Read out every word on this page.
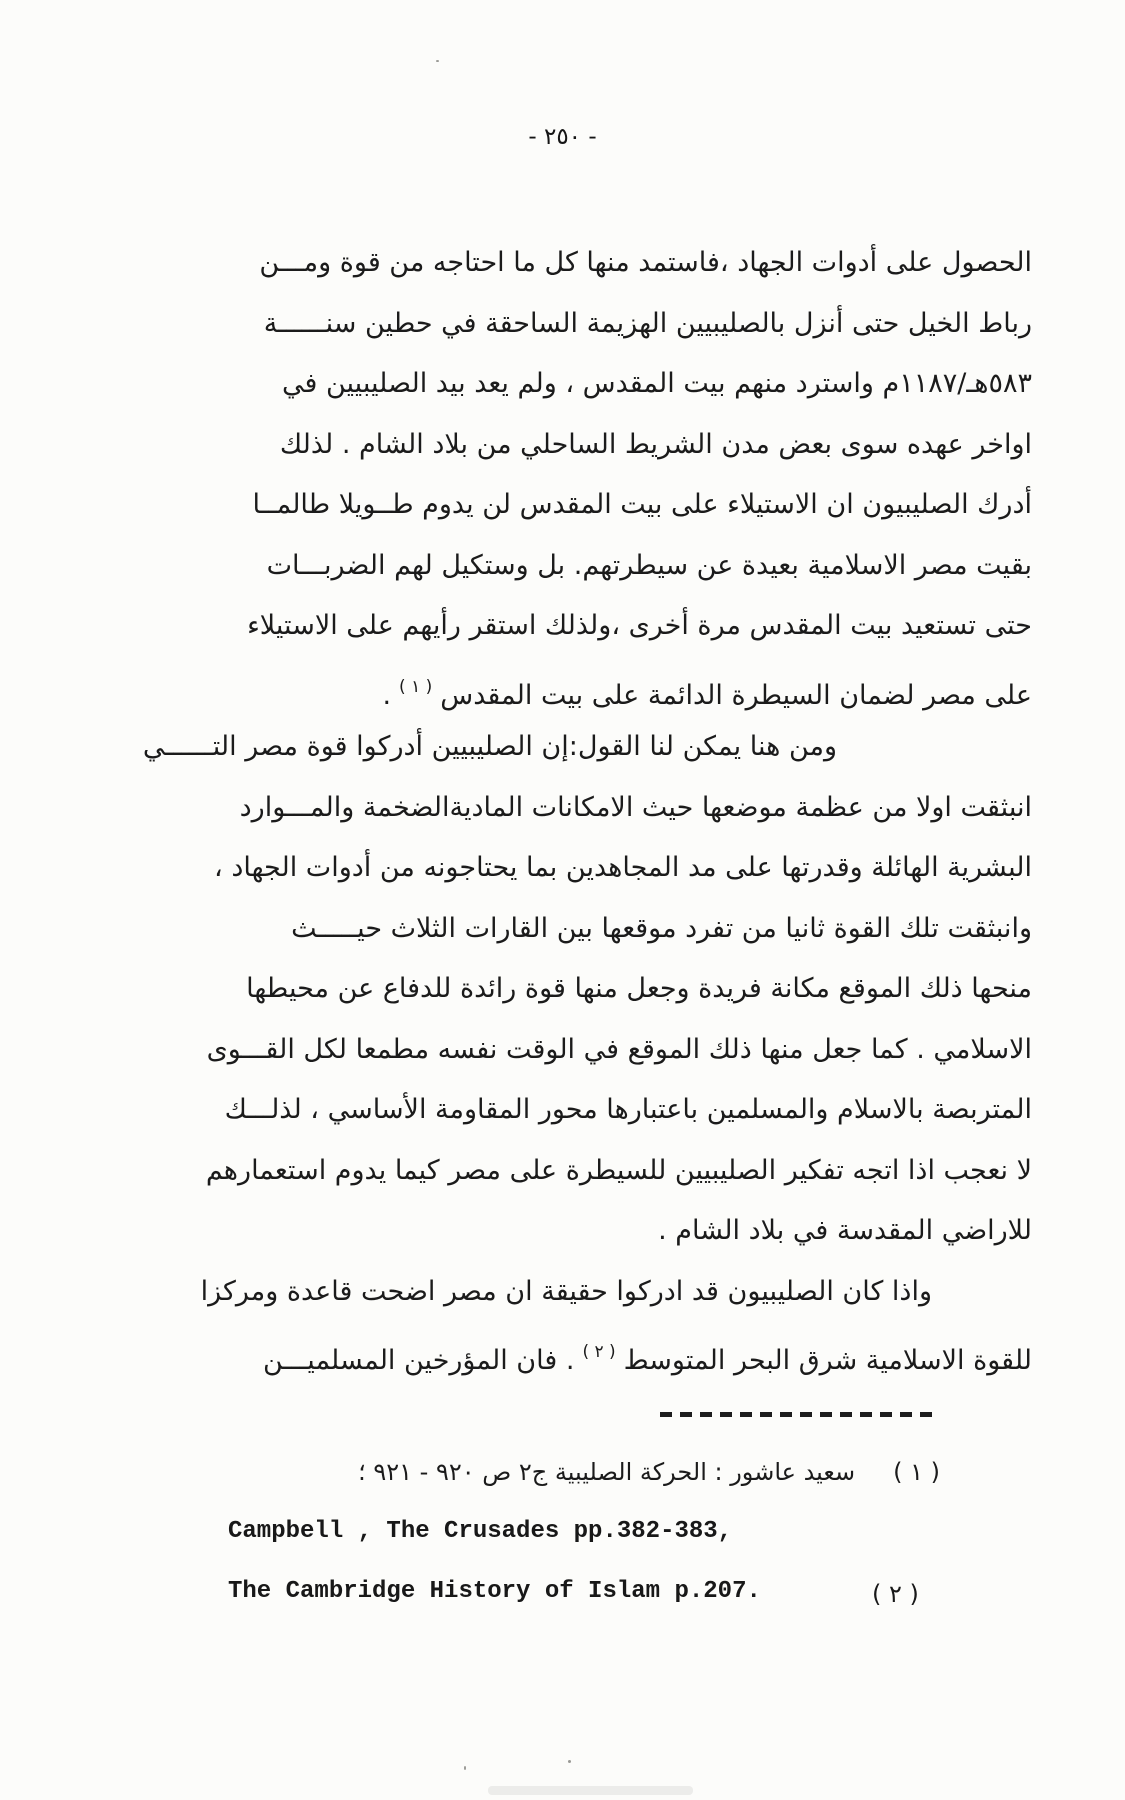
- ٢٥٠ -
الحصول على أدوات الجهاد ،فاستمد منها كل ما احتاجه من قوة ومـــن
رباط الخيل حتى أنزل بالصليبيين الهزيمة الساحقة في حطين سنــــــة
٥٨٣هـ/١١٨٧م واسترد منهم بيت المقدس ، ولم يعد بيد الصليبيين في
اواخر عهده سوى بعض مدن الشريط الساحلي من بلاد الشام . لذلك
أدرك الصليبيون ان الاستيلاء على بيت المقدس لن يدوم طــويلا طالمــا
بقيت مصر الاسلامية بعيدة عن سيطرتهم. بل وستكيل لهم الضربـــات
حتى تستعيد بيت المقدس مرة أخرى ،ولذلك استقر رأيهم على الاستيلاء
على مصر لضمان السيطرة الدائمة على بيت المقدس$^{( ١ )}$.
ومن هنا يمكن لنا القول:إن الصليبيين أدركوا قوة مصر التــــــي
انبثقت اولا من عظمة موضعها حيث الامكانات الماديةالضخمة والمـــوارد
البشرية الهائلة وقدرتها على مد المجاهدين بما يحتاجونه من أدوات الجهاد ،
وانبثقت تلك القوة ثانيا من تفرد موقعها بين القارات الثلاث حيـــــث
منحها ذلك الموقع مكانة فريدة وجعل منها قوة رائدة للدفاع عن محيطها
الاسلامي . كما جعل منها ذلك الموقع في الوقت نفسه مطمعا لكل القـــوى
المتربصة بالاسلام والمسلمين باعتبارها محور المقاومة الأساسي ، لذلـــك
لا نعجب اذا اتجه تفكير الصليبيين للسيطرة على مصر كيما يدوم استعمارهم
للاراضي المقدسة في بلاد الشام .
واذا كان الصليبيون قد ادركوا حقيقة ان مصر اضحت قاعدة ومركزا
للقوة الاسلامية شرق البحر المتوسط$^{( ٢ )}$. فان المؤرخين المسلميـــن
( ١ )سعيد عاشور : الحركة الصليبية ج٢ ص ٩٢٠ - ٩٢١ ؛
Campbell , The Crusades pp.382-383,
The Cambridge History of Islam p.207.	( ٢ )
